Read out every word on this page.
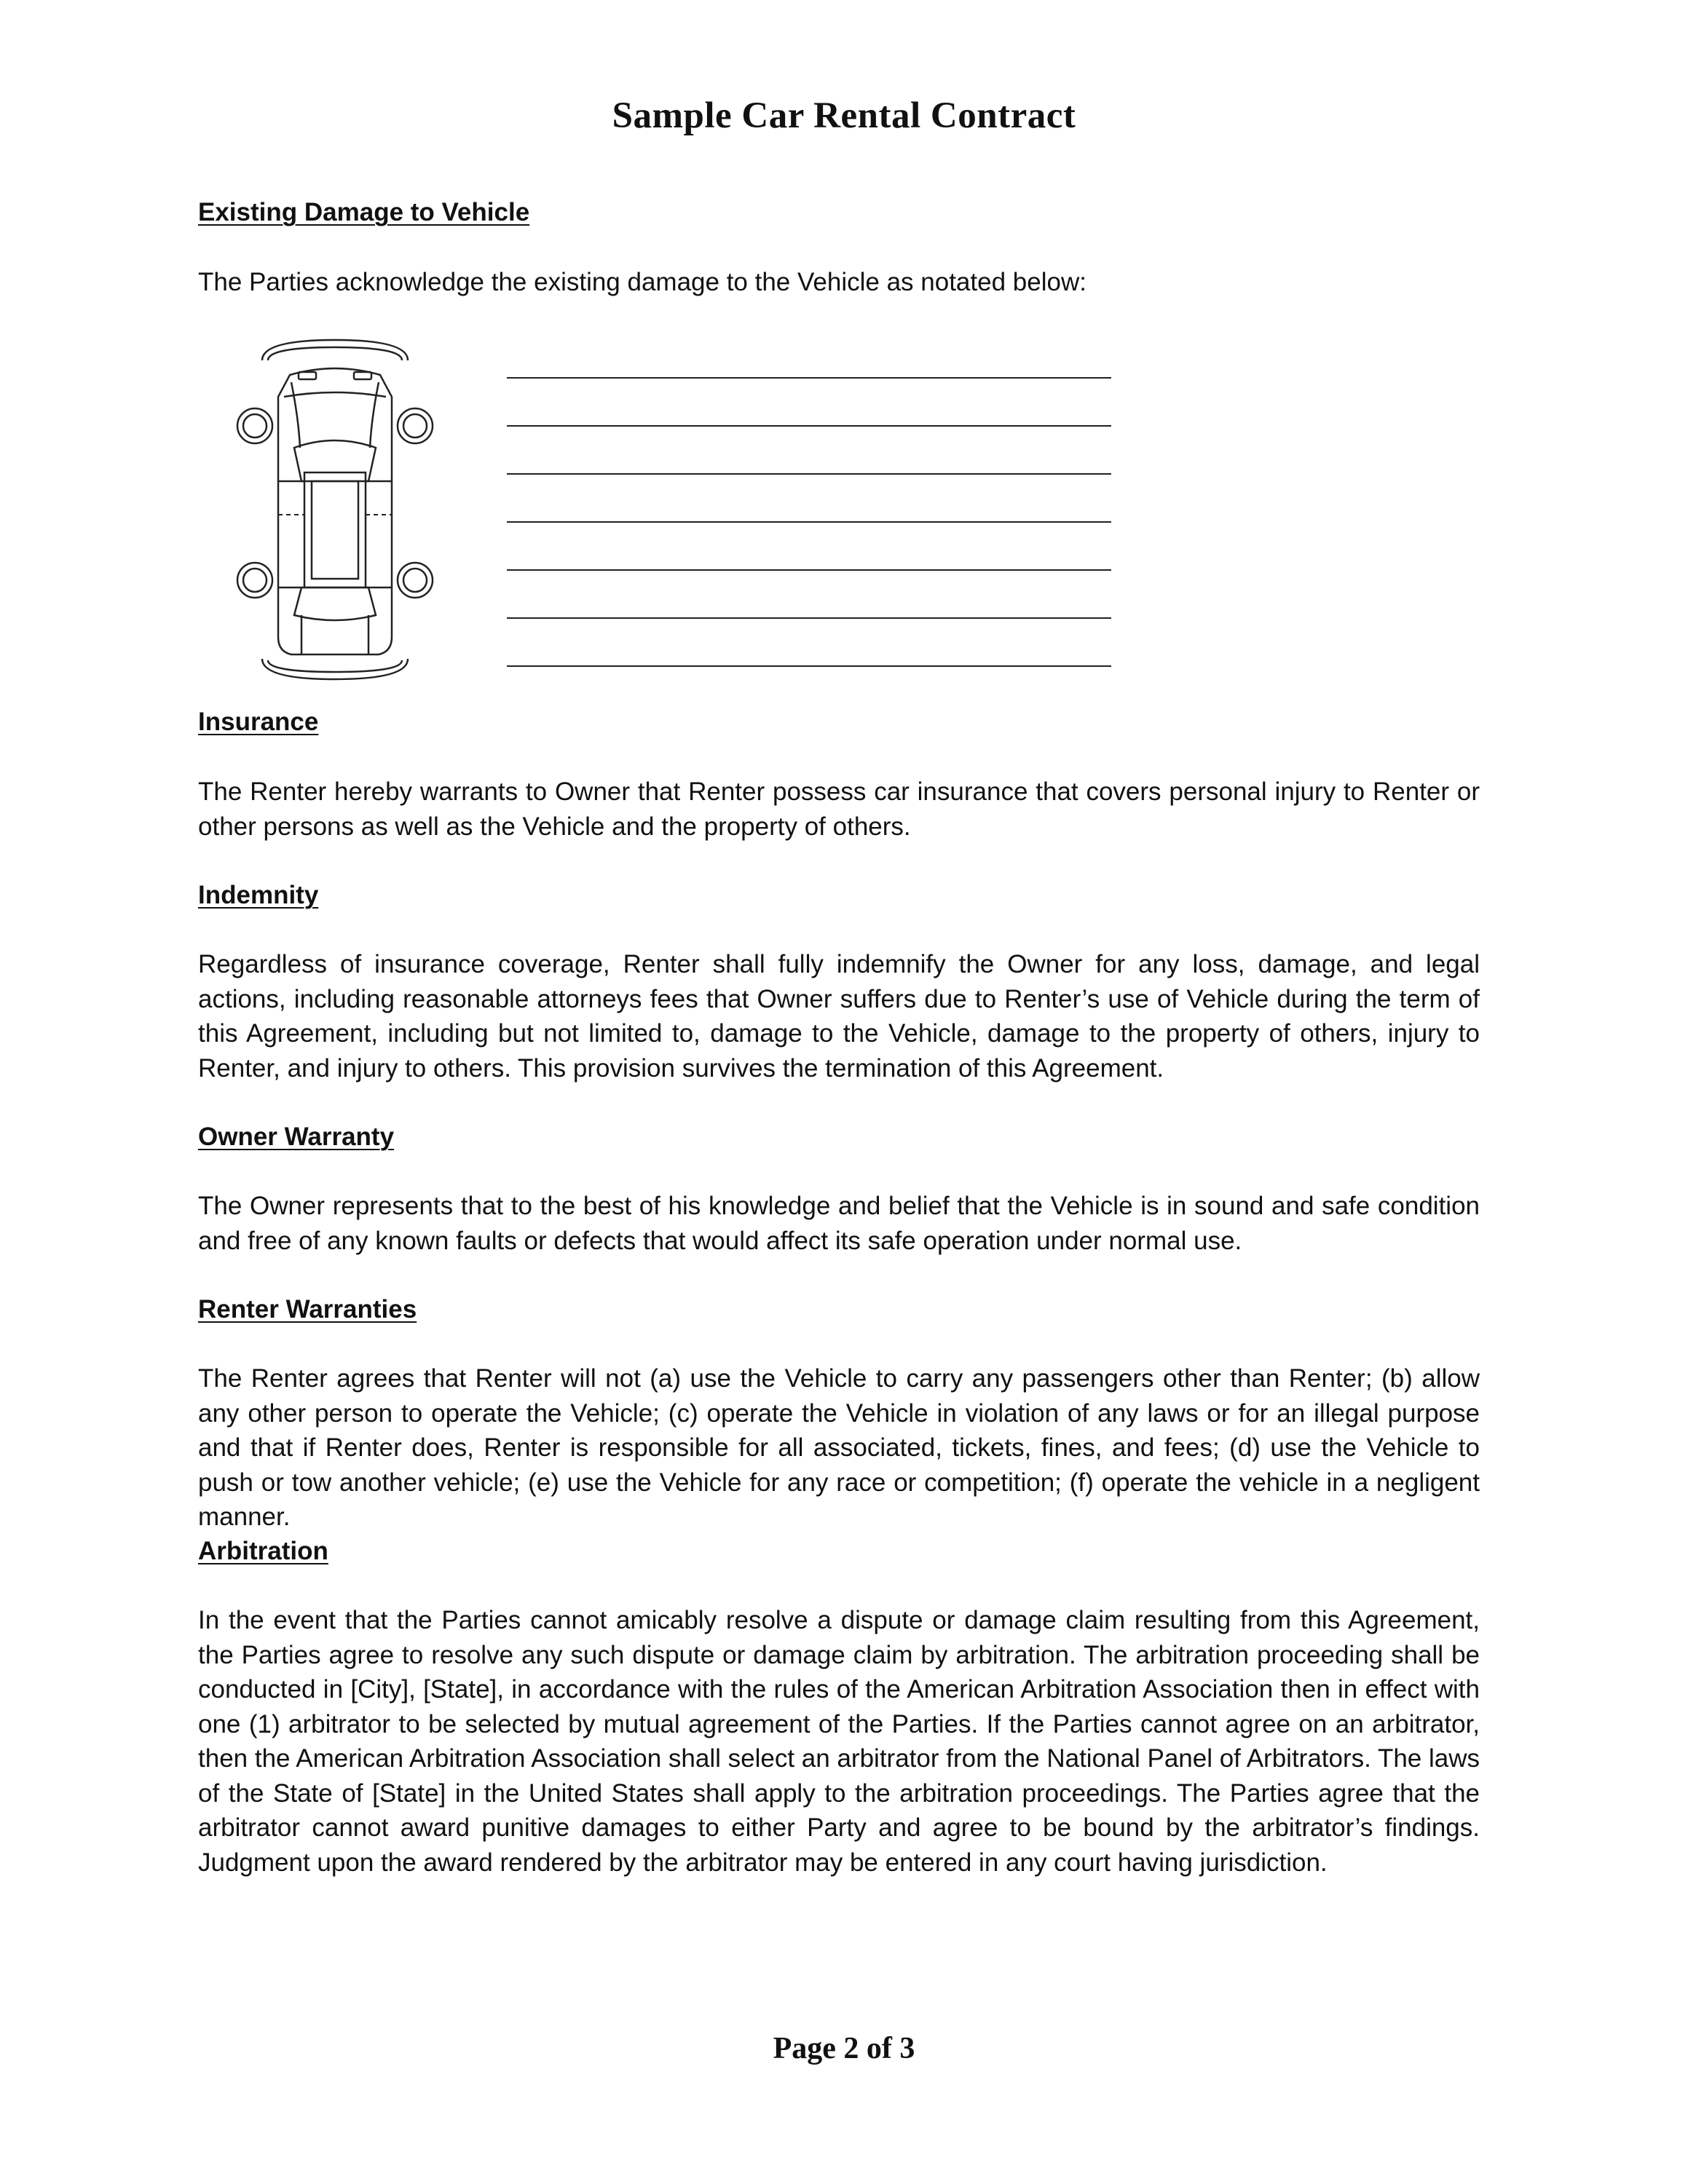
Sample Car Rental Contract
Existing Damage to Vehicle

The Parties acknowledge the existing damage to the Vehicle as notated below:

Insurance

The Renter hereby warrants to Owner that Renter possess car insurance that covers personal injury to Renter or other persons as well as the Vehicle and the property of others.

Indemnity

Regardless of insurance coverage, Renter shall fully indemnify the Owner for any loss, damage, and legal actions, including reasonable attorneys fees that Owner suffers due to Renter’s use of Vehicle during the term of this Agreement, including but not limited to, damage to the Vehicle, damage to the property of others, injury to Renter, and injury to others. This provision survives the termination of this Agreement.

Owner Warranty

The Owner represents that to the best of his knowledge and belief that the Vehicle is in sound and safe condition and free of any known faults or defects that would affect its safe operation under normal use.

Renter Warranties

The Renter agrees that Renter will not (a) use the Vehicle to carry any passengers other than Renter; (b) allow any other person to operate the Vehicle; (c) operate the Vehicle in violation of any laws or for an illegal purpose and that if Renter does, Renter is responsible for all associated, tickets, fines, and fees; (d) use the Vehicle to push or tow another vehicle; (e) use the Vehicle for any race or competition; (f) operate the vehicle in a negligent manner.

Arbitration

In the event that the Parties cannot amicably resolve a dispute or damage claim resulting from this Agreement, the Parties agree to resolve any such dispute or damage claim by arbitration. The arbitration proceeding shall be conducted in [City], [State], in accordance with the rules of the American Arbitration Association then in effect with one (1) arbitrator to be selected by mutual agreement of the Parties. If the Parties cannot agree on an arbitrator, then the American Arbitration Association shall select an arbitrator from the National Panel of Arbitrators. The laws of the State of [State] in the United States shall apply to the arbitration proceedings. The Parties agree that the arbitrator cannot award punitive damages to either Party and agree to be bound by the arbitrator’s findings. Judgment upon the award rendered by the arbitrator may be entered in any court having jurisdiction.

Page 2 of 3
